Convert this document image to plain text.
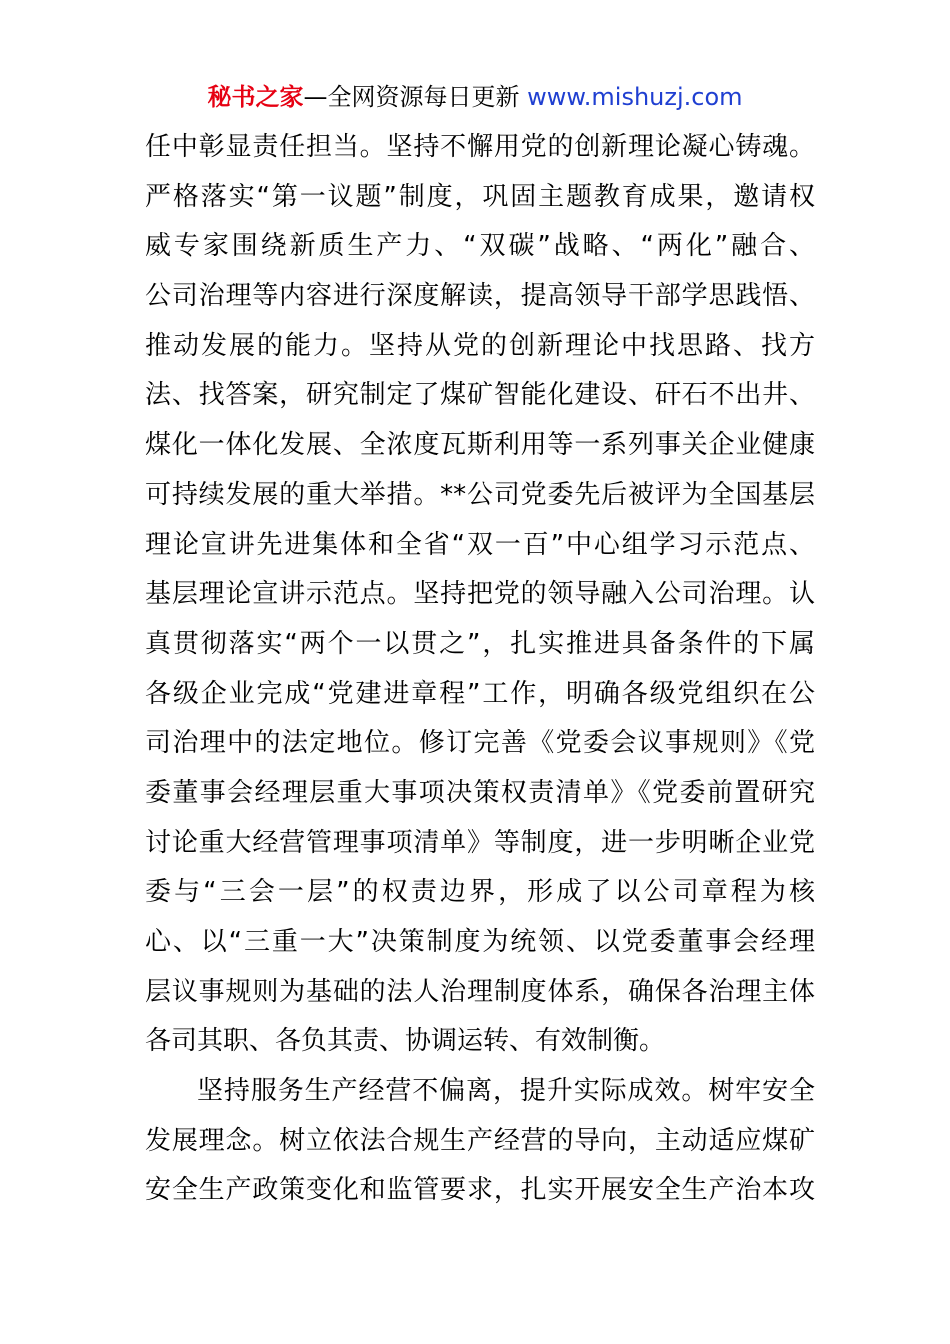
秘书之家—全网资源每日更新 www.mishuzj.com
任中彰显责任担当。坚持不懈用党的创新理论凝心铸魂。
严格落实“第一议题”制度，巩固主题教育成果，邀请权
威专家围绕新质生产力、“双碳”战略、“两化”融合、
公司治理等内容进行深度解读，提高领导干部学思践悟、
推动发展的能力。坚持从党的创新理论中找思路、找方
法、找答案，研究制定了煤矿智能化建设、矸石不出井、
煤化一体化发展、全浓度瓦斯利用等一系列事关企业健康
可持续发展的重大举措。**公司党委先后被评为全国基层
理论宣讲先进集体和全省“双一百”中心组学习示范点、
基层理论宣讲示范点。坚持把党的领导融入公司治理。认
真贯彻落实“两个一以贯之”，扎实推进具备条件的下属
各级企业完成“党建进章程”工作，明确各级党组织在公
司治理中的法定地位。修订完善《党委会议事规则》《党
委董事会经理层重大事项决策权责清单》《党委前置研究
讨论重大经营管理事项清单》等制度，进一步明晰企业党
委与“三会一层”的权责边界，形成了以公司章程为核
心、以“三重一大”决策制度为统领、以党委董事会经理
层议事规则为基础的法人治理制度体系，确保各治理主体
各司其职、各负其责、协调运转、有效制衡。
坚持服务生产经营不偏离，提升实际成效。树牢安全
发展理念。树立依法合规生产经营的导向，主动适应煤矿
安全生产政策变化和监管要求，扎实开展安全生产治本攻
